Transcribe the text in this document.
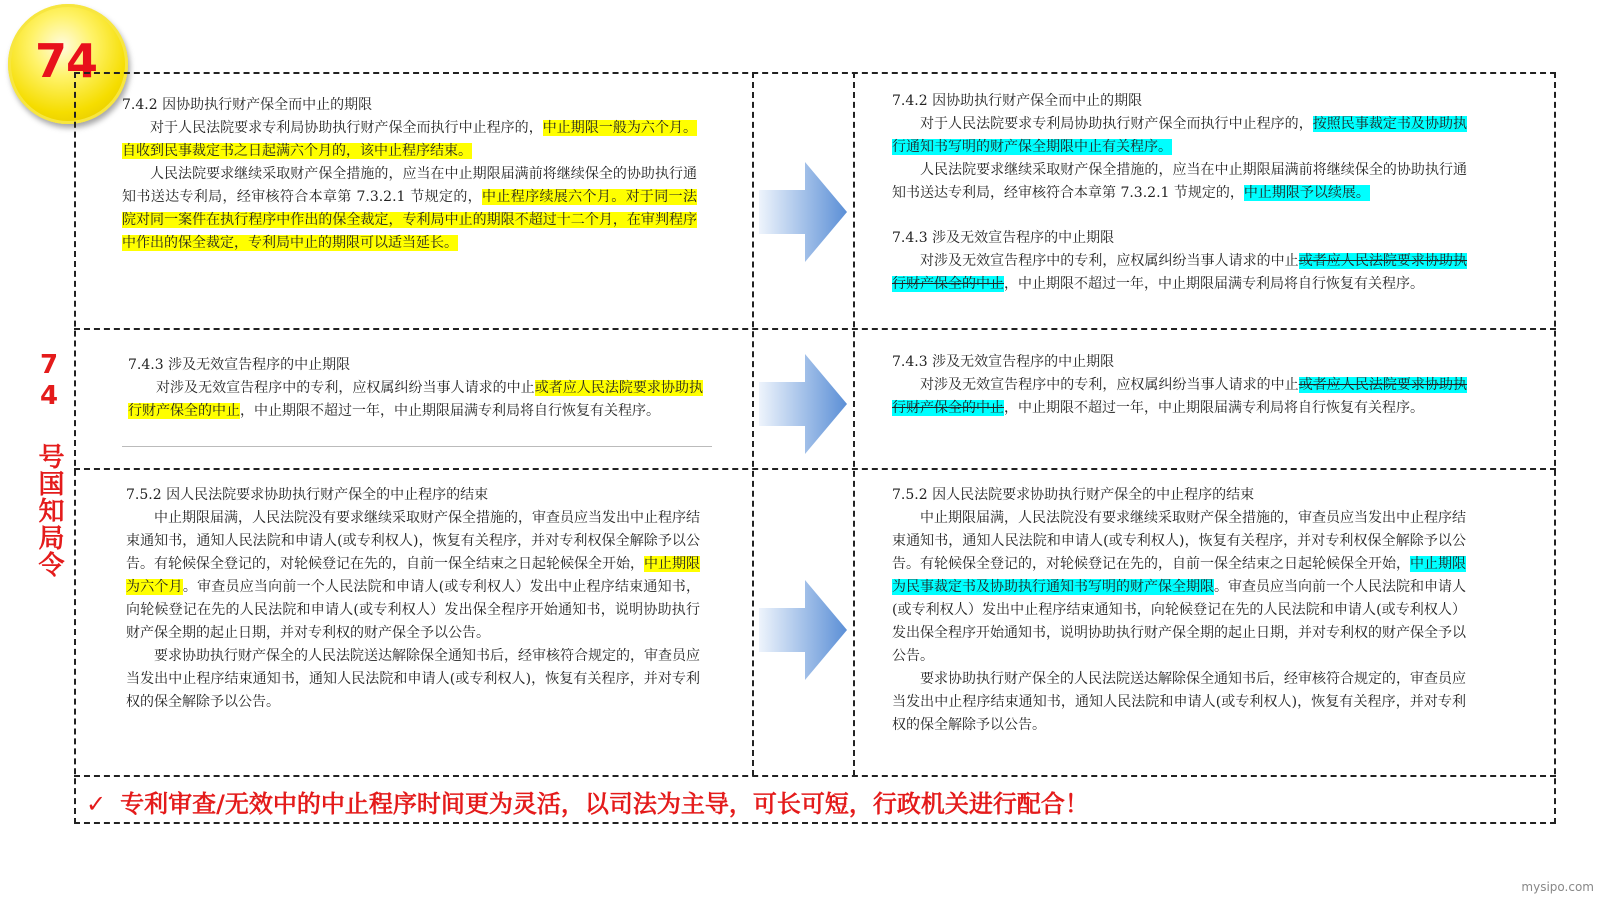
74
74 号国知局令
7.4.2 因协助执行财产保全而中止的期限

对于人民法院要求专利局协助执行财产保全而执行中止程序的，中止期限一般为六个月。自收到民事裁定书之日起满六个月的，该中止程序结束。

人民法院要求继续采取财产保全措施的，应当在中止期限届满前将继续保全的协助执行通知书送达专利局，经审核符合本章第 7.3.2.1 节规定的，中止程序续展六个月。对于同一法院对同一案件在执行程序中作出的保全裁定，专利局中止的期限不超过十二个月，在审判程序中作出的保全裁定，专利局中止的期限可以适当延长。

7.4.2 因协助执行财产保全而中止的期限

对于人民法院要求专利局协助执行财产保全而执行中止程序的，按照民事裁定书及协助执行通知书写明的财产保全期限中止有关程序。

人民法院要求继续采取财产保全措施的，应当在中止期限届满前将继续保全的协助执行通知书送达专利局，经审核符合本章第 7.3.2.1 节规定的，中止期限予以续展。

7.4.3 涉及无效宣告程序的中止期限

对涉及无效宣告程序中的专利，应权属纠纷当事人请求的中止或者应人民法院要求协助执行财产保全的中止，中止期限不超过一年，中止期限届满专利局将自行恢复有关程序。

7.4.3 涉及无效宣告程序的中止期限

对涉及无效宣告程序中的专利，应权属纠纷当事人请求的中止或者应人民法院要求协助执行财产保全的中止，中止期限不超过一年，中止期限届满专利局将自行恢复有关程序。

7.4.3 涉及无效宣告程序的中止期限

对涉及无效宣告程序中的专利，应权属纠纷当事人请求的中止或者应人民法院要求协助执行财产保全的中止，中止期限不超过一年，中止期限届满专利局将自行恢复有关程序。

7.5.2 因人民法院要求协助执行财产保全的中止程序的结束

中止期限届满，人民法院没有要求继续采取财产保全措施的，审查员应当发出中止程序结束通知书，通知人民法院和申请人(或专利权人)，恢复有关程序，并对专利权保全解除予以公告。有轮候保全登记的，对轮候登记在先的，自前一保全结束之日起轮候保全开始，中止期限为六个月。审查员应当向前一个人民法院和申请人(或专利权人）发出中止程序结束通知书，向轮候登记在先的人民法院和申请人(或专利权人）发出保全程序开始通知书，说明协助执行财产保全期的起止日期，并对专利权的财产保全予以公告。

要求协助执行财产保全的人民法院送达解除保全通知书后，经审核符合规定的，审查员应当发出中止程序结束通知书，通知人民法院和申请人(或专利权人)，恢复有关程序，并对专利权的保全解除予以公告。

7.5.2 因人民法院要求协助执行财产保全的中止程序的结束

中止期限届满，人民法院没有要求继续采取财产保全措施的，审查员应当发出中止程序结束通知书，通知人民法院和申请人(或专利权人)，恢复有关程序，并对专利权保全解除予以公告。有轮候保全登记的，对轮候登记在先的，自前一保全结束之日起轮候保全开始，中止期限为民事裁定书及协助执行通知书写明的财产保全期限。审查员应当向前一个人民法院和申请人(或专利权人）发出中止程序结束通知书，向轮候登记在先的人民法院和申请人(或专利权人）发出保全程序开始通知书，说明协助执行财产保全期的起止日期，并对专利权的财产保全予以公告。

要求协助执行财产保全的人民法院送达解除保全通知书后，经审核符合规定的，审查员应当发出中止程序结束通知书，通知人民法院和申请人(或专利权人)，恢复有关程序，并对专利权的保全解除予以公告。

✓ 专利审查/无效中的中止程序时间更为灵活，以司法为主导，可长可短，行政机关进行配合！
mysipo.com
